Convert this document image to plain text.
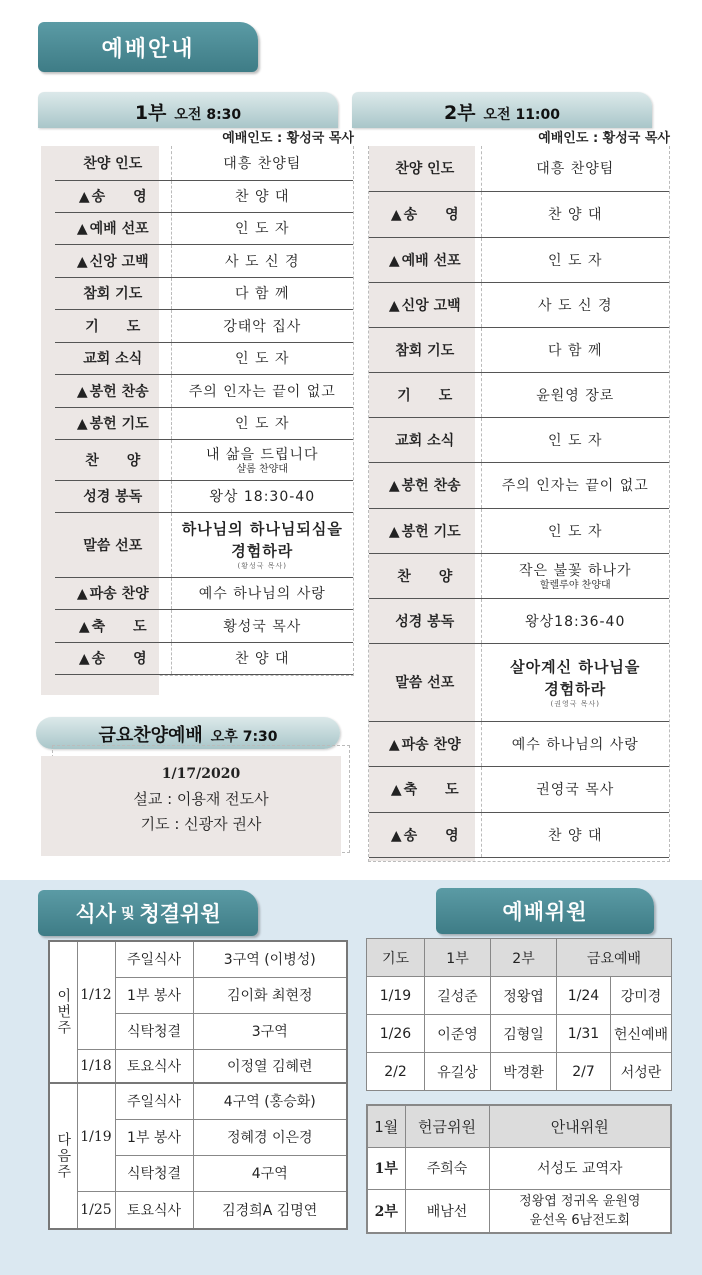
예배안내
1부 오전 8:30
예배인도 : 황성국 목사
2부 오전 11:00
예배인도 : 황성국 목사
찬양 인도	대흥 찬양팀

▲ 송　　영	찬 양 대

▲ 예배 선포	인 도 자

▲ 신앙 고백	사 도 신 경

참회 기도	다 함 께

기　　도	강태악 집사

교회 소식	인 도 자

▲ 봉헌 찬송	주의 인자는 끝이 없고

▲ 봉헌 기도	인 도 자

찬　　양	내 삶을 드립니다
샬롬 찬양대

성경 봉독	왕상 18:30-40

말씀 선포	하나님의 하나님되심을
경험하라
(황성국 목사)

▲ 파송 찬양	예수 하나님의 사랑

▲ 축　　도	황성국 목사

▲ 송　　영	찬 양 대
찬양 인도	대흥 찬양팀

▲ 송　　영	찬 양 대

▲ 예배 선포	인 도 자

▲ 신앙 고백	사 도 신 경

참회 기도	다 함 께

기　　도	윤원영 장로

교회 소식	인 도 자

▲ 봉헌 찬송	주의 인자는 끝이 없고

▲ 봉헌 기도	인 도 자

찬　　양	작은 불꽃 하나가
할렐루야 찬양대

성경 봉독	왕상18:36-40

말씀 선포	살아계신 하나님을
경험하라
(권영국 목사)

▲ 파송 찬양	예수 하나님의 사랑

▲ 축　　도	권영국 목사

▲ 송　　영	찬 양 대
금요찬양예배 오후 7:30
1/17/2020
설교 : 이용재 전도사
기도 : 신광자 권사
식사 및 청결위원	예배위원
이번주	1/12	주일식사	3구역 (이병성)
		1부 봉사	김이화 최현정
		식탁청결	3구역
	1/18	토요식사	이정열 김혜련
다음주	1/19	주일식사	4구역 (홍승화)
		1부 봉사	정혜경 이은경
		식탁청결	4구역
	1/25	토요식사	김경희A 김명연
기도	1부	2부	금요예배	
1/19	길성준	정왕엽	1/24	강미경
1/26	이준영	김형일	1/31	헌신예배
2/2	유길상	박경환	2/7	서성란
1월	헌금위원	안내위원
1부	주희숙	서성도 교역자
2부	배남선	정왕엽 정귀옥 윤원영
윤선옥 6남전도회
